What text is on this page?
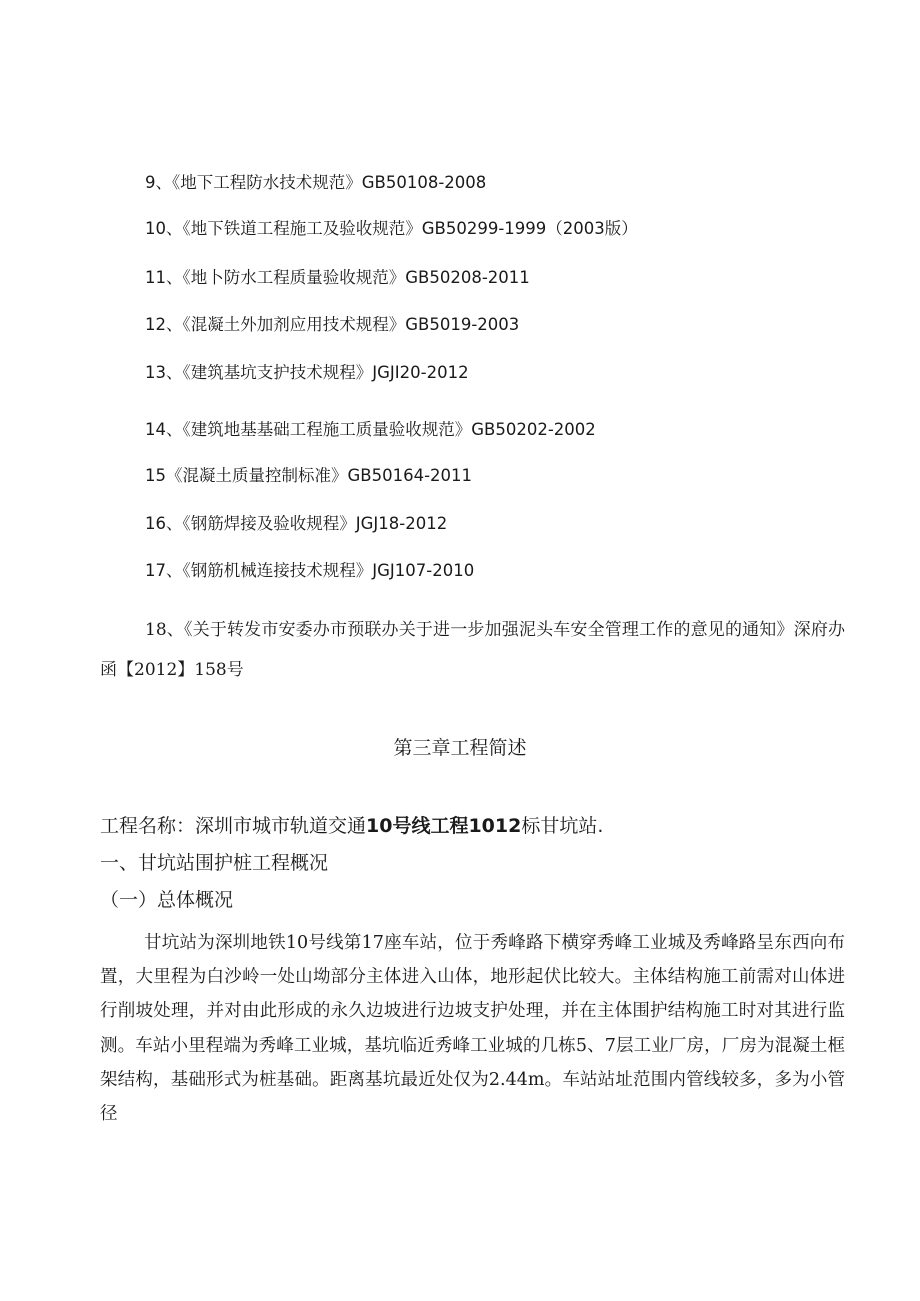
9、《地下工程防水技术规范》GB50108-2008
10、《地下铁道工程施工及验收规范》GB50299-1999（2003版）
11、《地卜防水工程质量验收规范》GB50208-2011
12、《混凝土外加剂应用技术规程》GB5019-2003
13、《建筑基坑支护技术规程》JGJI20-2012
14、《建筑地基基础工程施工质量验收规范》GB50202-2002
15《混凝土质量控制标准》GB50164-2011
16、《钢筋焊接及验收规程》JGJ18-2012
17、《钢筋机械连接技术规程》JGJ107-2010
18、《关于转发市安委办市预联办关于进一步加强泥头车安全管理工作的意见的通知》深府办函【2012】158号
第三章工程简述
工程名称：深圳市城市轨道交通10号线工程1012标甘坑站.
一、甘坑站围护桩工程概况
（一）总体概况
甘坑站为深圳地铁10号线第17座车站，位于秀峰路下横穿秀峰工业城及秀峰路呈东西向布置，大里程为白沙岭一处山坳部分主体进入山体，地形起伏比较大。主体结构施工前需对山体进行削坡处理，并对由此形成的永久边坡进行边坡支护处理，并在主体围护结构施工时对其进行监测。车站小里程端为秀峰工业城，基坑临近秀峰工业城的几栋5、7层工业厂房，厂房为混凝土框架结构，基础形式为桩基础。距离基坑最近处仅为2.44m。车站站址范围内管线较多，多为小管径
